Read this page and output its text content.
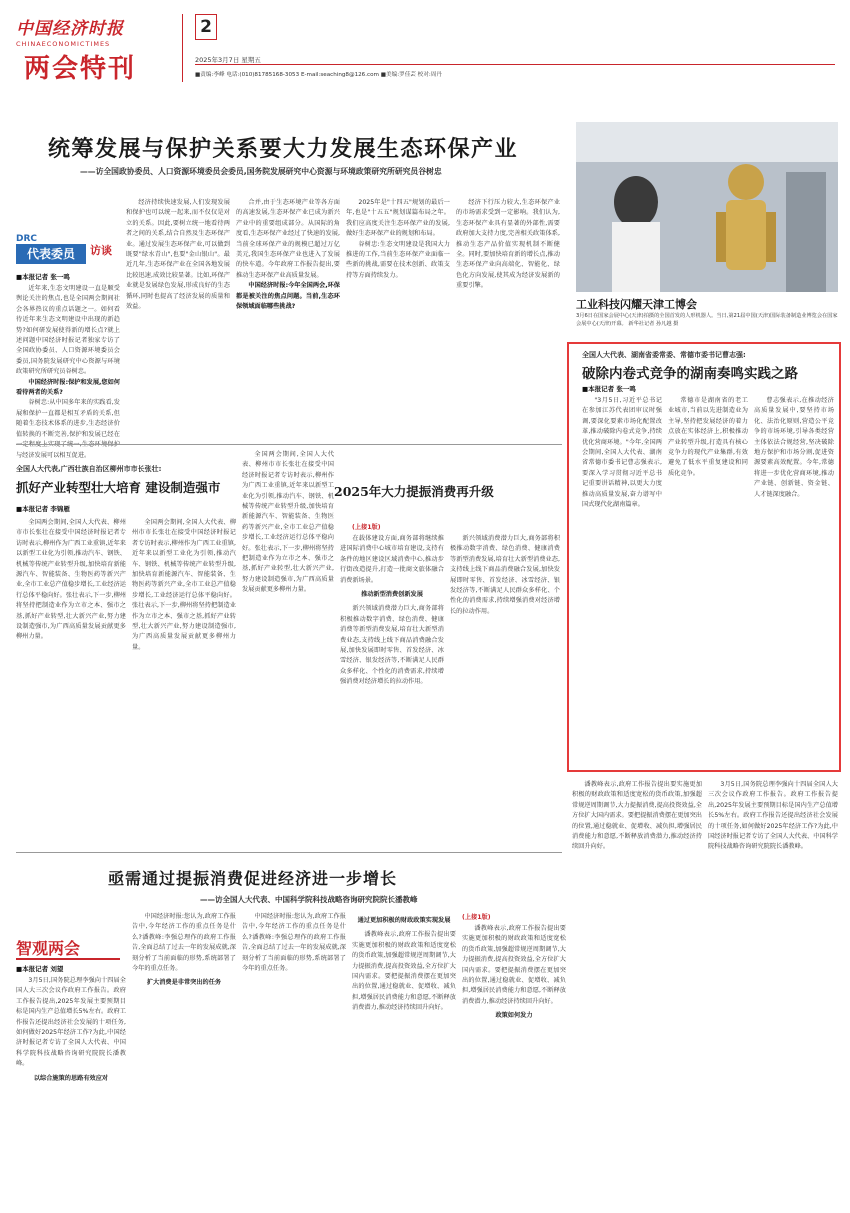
中国经济时报
CHINAECONOMICTIMES
2
两会特刊	2025年3月7日 星期五
■责编:李峰 电话:(010)81785168-3053 E-mail:seaching8@126.com ■美编:罗佳芸 校对:周丹
统筹发展与保护关系要大力发展生态环保产业
——访全国政协委员、人口资源环境委员会委员,国务院发展研究中心资源与环境政策研究所研究员谷树忠
DRC
代表委员	访谈
■本报记者 张一鸣

近年来,生态文明建设一直是顺受舆论关注的焦点,也是全国两会期间社会各界热议的重点话题之一。如何看待近年来生态文明建设中出现的新趋势?如何研发展使得新的增长点?就上述问题中国经济时报记者独家专访了全国政协委员、人口资源环境委员会委员,国务院发展研究中心资源与环境政策研究所研究员谷树忠。

中国经济时报:保护和发展,您如何看待两者的关系?

谷树忠:从中国多年来的实践看,发展和保护一直都是相互矛盾的关系,但随着生态技术体系的进步,生态经济价值转换的不断完善,保护和发展已经在 与经济发展可以相互促进。

经济持续快速发展,人们发现发展和保护也可以统一起来,而不仅仅是对立的关系。因此,要树立统一地看待两者之间的关系,结合自然及生态环保产业。通过发展生态环保产业,可以做到既要"绿水青山",也要"金山银山"。最近几年,生态环保产业在全国各地发展比较迅速,成效比较显著。比如,环保产业就是发展绿色发展,形成良好的生态循环,同时也提高了经济发展的质量和效益。

合并,由于生态环境产业等各方面的高速发展,生态环保产业已成为新兴产业中的重要组成部分。从国际的角度看,生态环保产业经过了快速的发展,当前全球环保产业的规模已超过万亿美元,我国生态环保产业也进入了发展的快车道。今年政府工作报告提出,要推动生态环保产业高质量发展。

中国经济时报:今年全国两会,环保都是被关注的焦点问题。当前,生态环保领域面临哪些挑战?

2025年是"十四五"规划的最后一年,也是"十五五"规划谋篇布局之年。我们应高度关注生态环保产业的发展,做好生态环保产业的规划和布局。

谷树忠:生态文明建设是我国大力推进的工作,当前生态环保产业面临一些新的挑战,需要在技术创新、政策支持等方面持续发力。

经济下行压力较大,生态环保产业的市场需求受到一定影响。我们认为,生态环保产业具有显著的外部性,需要政府加大支持力度,完善相关政策体系,推动生态产品价值实现机制不断健全。同时,要加快培育新的增长点,推动生态环保产业向高端化、智能化、绿色化方向发展,使其成为经济发展新的重要引擎。

工业科技闪耀天津工博会
3月6日在国家会展中心(天津)拍摄的全国首发的人形机器人。当日,第21届中国(天津)国际装备制造业博览会在国家会展中心(天津)开幕。 新华社记者 孙凡越 摄
全国人大代表、湖南省委常委、常德市委书记曹志强:
破除内卷式竞争的湖南奏鸣实践之路
■本报记者 张一鸣

"3月5日,习近平总书记在参加江苏代表团审议时强调,要深化要素市场化配置改革,推动破除内卷式竞争,持续优化营商环境。"今年,全国两会期间,全国人大代表、湖南省常德市委书记曹志强表示,要深入学习贯彻习近平总书记重要讲话精神,以更大力度推动高质量发展,奋力谱写中国式现代化湖南篇章。

常德市是湖南省的老工业城市,当前以先进制造业为主导,坚持把发展经济的着力点放在实体经济上,积极推动产业转型升级,打造具有核心竞争力的现代产业集群,有效避免了低水平重复建设和同质化竞争。

曹志强表示,在推动经济高质量发展中,要坚持市场化、法治化原则,营造公平竞争的市场环境,引导各类经营主体依法合规经营,坚决破除地方保护和市场分割,促进资源要素高效配置。今年,常德将进一步优化营商环境,推动产业链、创新链、资金链、人才链深度融合。

全国人大代表,广西壮族自治区柳州市市长张壮:
抓好产业转型壮大培育 建设制造强市
■本报记者 李锦雁

全国两会期间,全国人大代表、柳州市市长张壮在接受中国经济时报记者专访时表示,柳州作为广西工业重镇,近年来以新型工业化为引领,推动汽车、钢铁、机械等传统产业转型升级,加快培育新能源汽车、智能装备、生物医药等新兴产业,全市工业总产值稳步增长,工业经济运行总体平稳向好。张壮表示,下一步,柳州将坚持把制造业作为立市之本、强市之基,抓好产业转型,壮大新兴产业,努力建设制造强市,为广西高质量发展贡献更多柳州力量。

全国两会期间,全国人大代表、柳州市市长张壮在接受中国经济时报记者专访时表示,柳州作为广西工业重镇,近年来以新型工业化为引领,推动汽车、钢铁、机械等传统产业转型升级,加快培育新能源汽车、智能装备、生物医药等新兴产业,全市工业总产值稳步增长,工业经济运行总体平稳向好。张壮表示,下一步,柳州将坚持把制造业作为立市之本、强市之基,抓好产业转型,壮大新兴产业,努力建设制造强市,为广西高质量发展贡献更多柳州力量。

全国两会期间,全国人大代表、柳州市市长张壮在接受中国经济时报记者专访时表示,柳州作为广西工业重镇,近年来以新型工业化为引领,推动汽车、钢铁、机械等传统产业转型升级,加快培育新能源汽车、智能装备、生物医药等新兴产业,全市工业总产值稳步增长,工业经济运行总体平稳向好。张壮表示,下一步,柳州将坚持把制造业作为立市之本、强市之基,抓好产业转型,壮大新兴产业,努力建设制造强市,为广西高质量发展贡献更多柳州力量。

2025年大力提振消费再升级
(上接1版)

在载体建设方面,商务部将继续推进国际消费中心城市培育建设,支持有条件的地区建设区域消费中心,推动步行街改造提升,打造一批商文旅体融合消费新场景。

推动新型消费创新发展

新兴领域消费潜力巨大,商务部将积极推动数字消费、绿色消费、健康消费等新型消费发展,培育壮大新型消费业态,支持线上线下商品消费融合发展,加快发展即时零售、首发经济、冰雪经济、银发经济等,不断满足人民群众多样化、个性化的消费需求,持续增强消费对经济增长的拉动作用。

新兴领域消费潜力巨大,商务部将积极推动数字消费、绿色消费、健康消费等新型消费发展,培育壮大新型消费业态,支持线上线下商品消费融合发展,加快发展即时零售、首发经济、冰雪经济、银发经济等,不断满足人民群众多样化、个性化的消费需求,持续增强消费对经济增长的拉动作用。

亟需通过提振消费促进经济进一步增长
——访全国人大代表、中国科学院科技战略咨询研究院院长潘教峰
智观两会
■本报记者 刘望

3月5日,国务院总理李强向十四届全国人大三次会议作政府工作报告。政府工作报告提出,2025年发展主要预期目标是国内生产总值增长5%左右。政府工作报告还提出经济社会发展的十项任务,如何做好2025年经济工作?为此,中国经济时报记者专访了全国人大代表、中国科学院科技战略咨询研究院院长潘教峰。

以综合施策的思路有效应对

中国经济时报:您认为,政府工作报告中,今年经济工作的重点任务是什么?潘教峰:李强总理作的政府工作报告,全面总结了过去一年的发展成就,深刻分析了当前面临的形势,系统部署了今年的重点任务。

扩大消费是非常突出的任务

中国经济时报:您认为,政府工作报告中,今年经济工作的重点任务是什么?潘教峰:李强总理作的政府工作报告,全面总结了过去一年的发展成就,深刻分析了当前面临的形势,系统部署了今年的重点任务。

通过更加积极的财政政策实现发展

潘教峰表示,政府工作报告提出要实施更加积极的财政政策和适度宽松的货币政策,加强超常规逆周期调节,大力提振消费,提高投资效益,全方位扩大国内需求。要把提振消费摆在更加突出的位置,通过稳就业、促增收、减负担,增强居民消费能力和意愿,不断释放消费潜力,推动经济持续回升向好。

(上接1版)

潘教峰表示,政府工作报告提出要实施更加积极的财政政策和适度宽松的货币政策,加强超常规逆周期调节,大力提振消费,提高投资效益,全方位扩大国内需求。要把提振消费摆在更加突出的位置,通过稳就业、促增收、减负担,增强居民消费能力和意愿,不断释放消费潜力,推动经济持续回升向好。

政策如何发力

潘教峰表示,政府工作报告提出要实施更加积极的财政政策和适度宽松的货币政策,加强超常规逆周期调节,大力提振消费,提高投资效益,全方位扩大国内需求。要把提振消费摆在更加突出的位置,通过稳就业、促增收、减负担,增强居民消费能力和意愿,不断释放消费潜力,推动经济持续回升向好。

3月5日,国务院总理李强向十四届全国人大三次会议作政府工作报告。政府工作报告提出,2025年发展主要预期目标是国内生产总值增长5%左右。政府工作报告还提出经济社会发展的十项任务,如何做好2025年经济工作?为此,中国经济时报记者专访了全国人大代表、中国科学院科技战略咨询研究院院长潘教峰。
